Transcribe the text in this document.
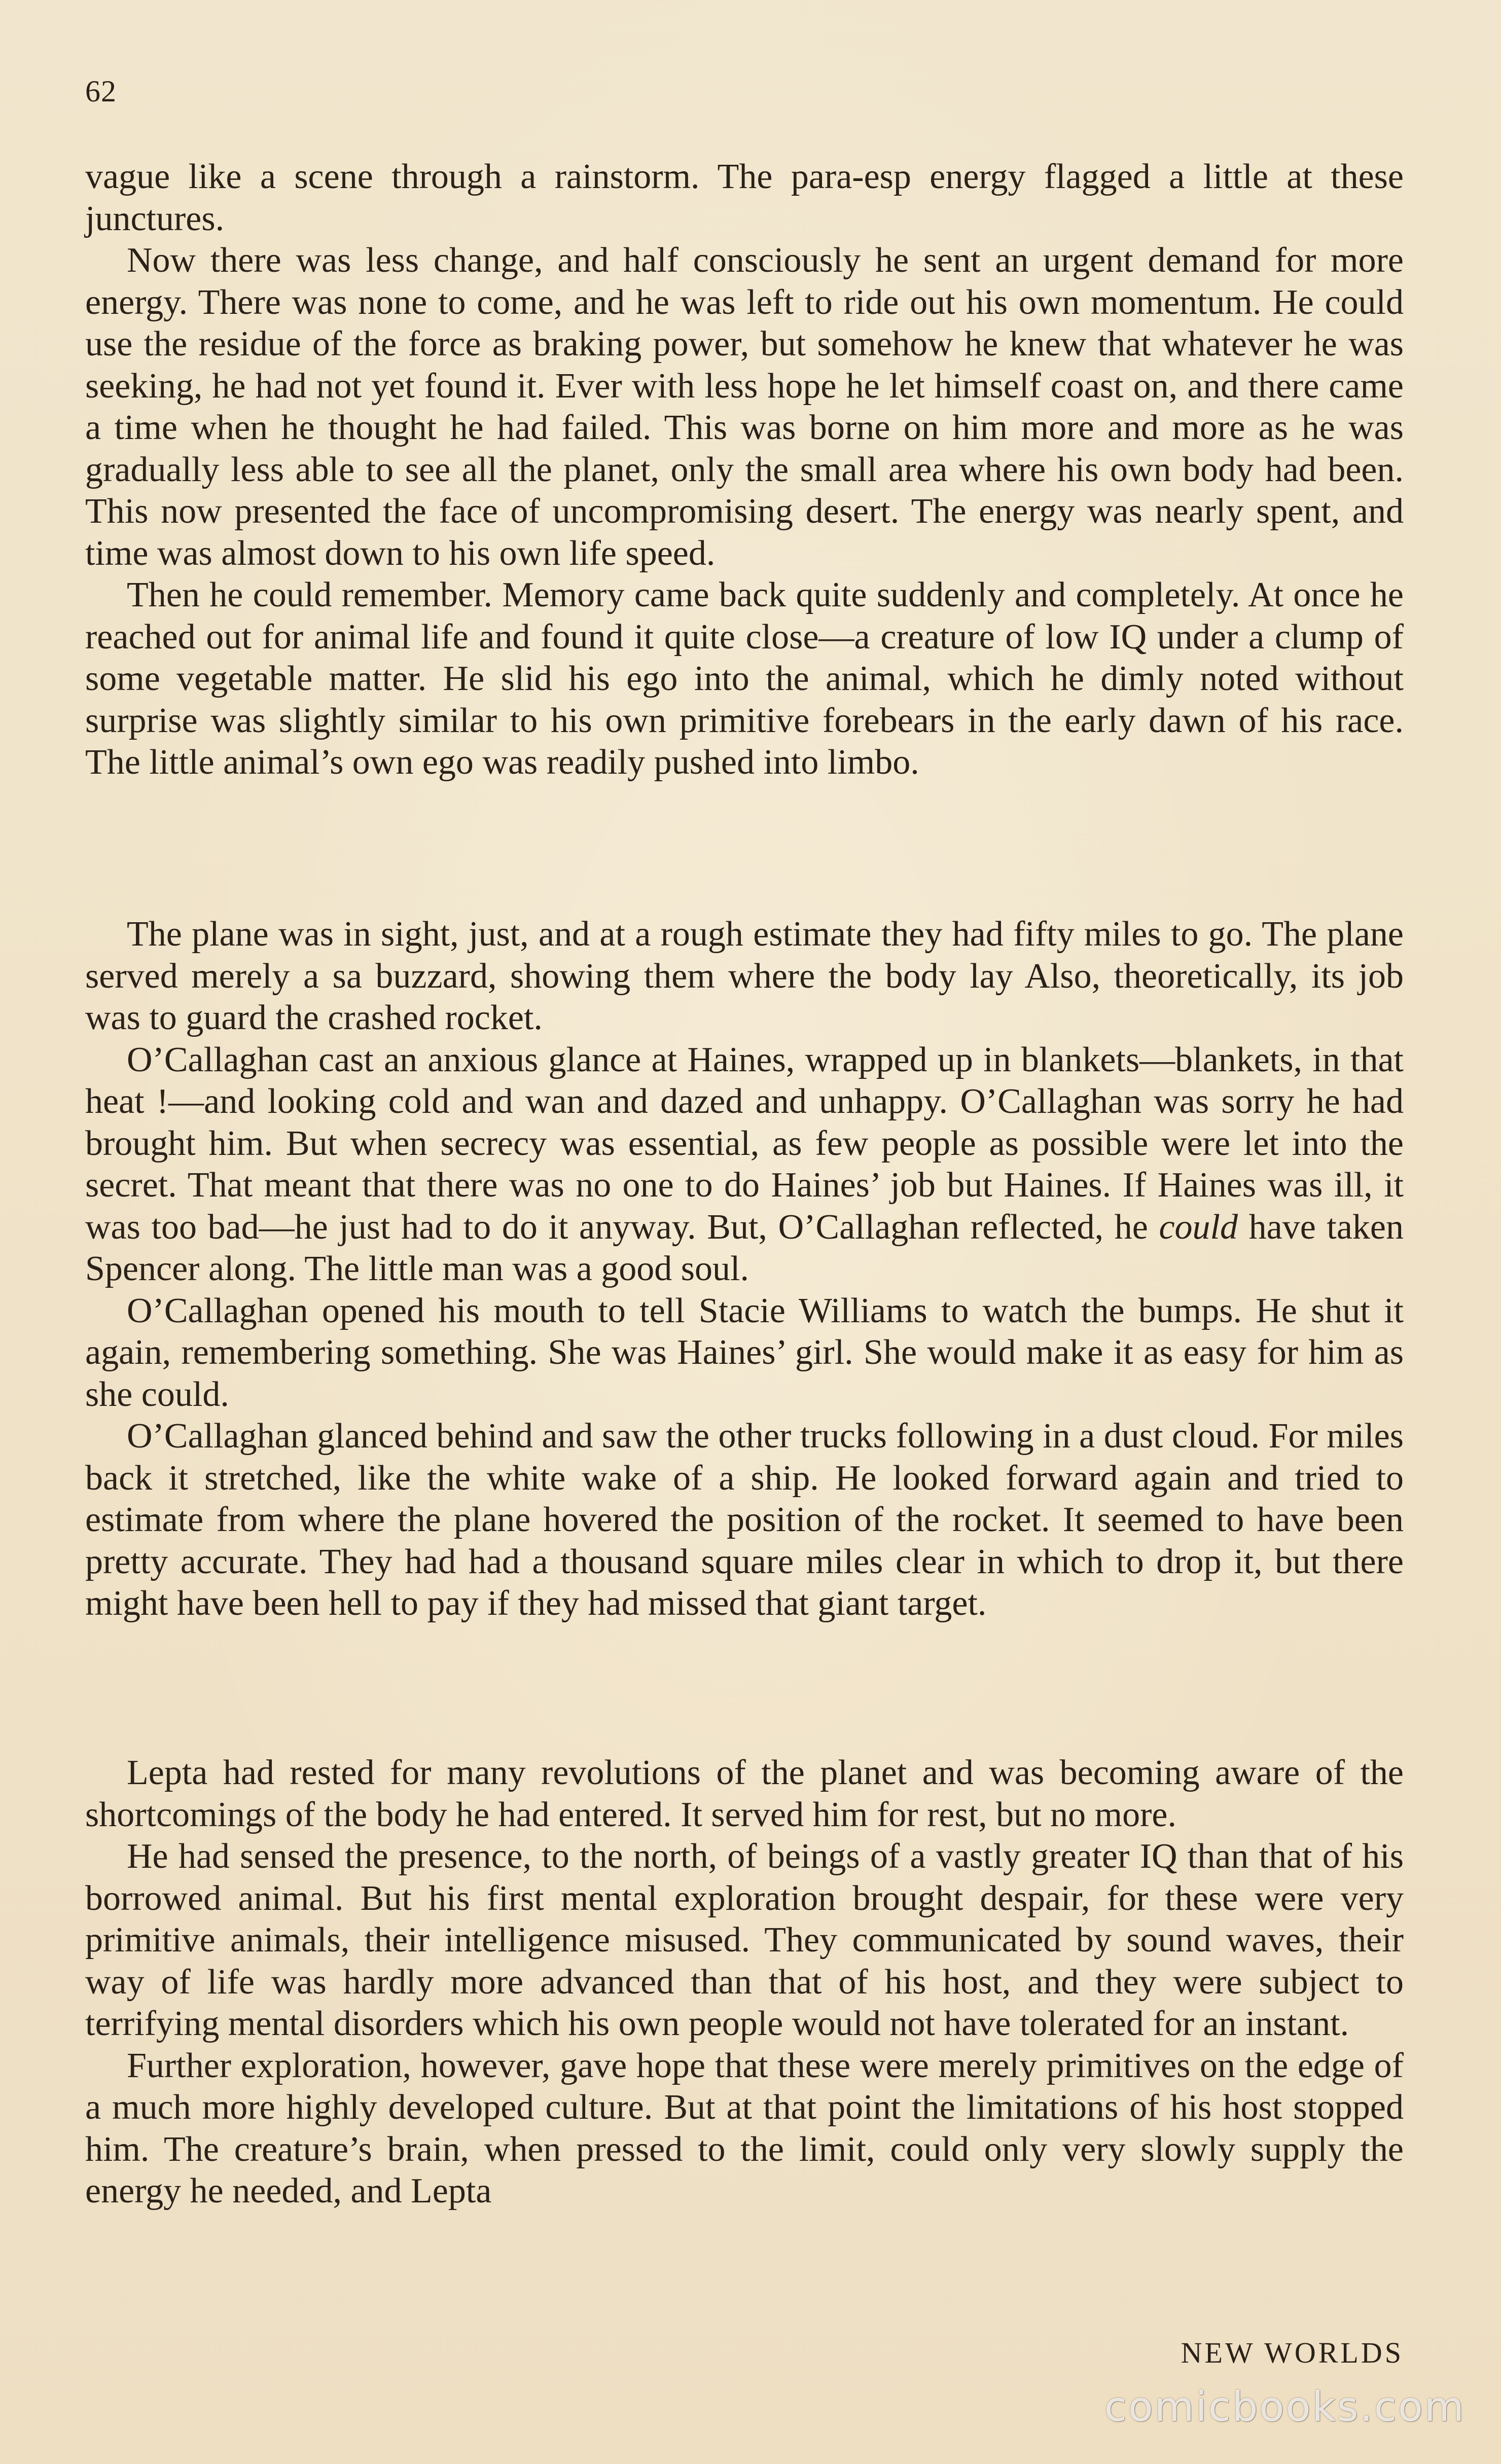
62

vague like a scene through a rainstorm. The para-esp energy flagged a little at these junctures.

Now there was less change, and half consciously he sent an urgent demand for more energy. There was none to come, and he was left to ride out his own momentum. He could use the residue of the force as braking power, but somehow he knew that whatever he was seeking, he had not yet found it. Ever with less hope he let himself coast on, and there came a time when he thought he had failed. This was borne on him more and more as he was gradually less able to see all the planet, only the small area where his own body had been. This now presented the face of uncompromising desert. The energy was nearly spent, and time was almost down to his own life speed.

Then he could remember. Memory came back quite suddenly and completely. At once he reached out for animal life and found it quite close—a creature of low IQ under a clump of some vegetable matter. He slid his ego into the animal, which he dimly noted without surprise was slightly similar to his own primitive forebears in the early dawn of his race. The little animal’s own ego was readily pushed into limbo.

The plane was in sight, just, and at a rough estimate they had fifty miles to go. The plane served merely a sa buzzard, showing them where the body lay Also, theoretically, its job was to guard the crashed rocket.

O’Callaghan cast an anxious glance at Haines, wrapped up in blankets—blankets, in that heat !—and looking cold and wan and dazed and unhappy. O’Callaghan was sorry he had brought him. But when secrecy was essential, as few people as possible were let into the secret. That meant that there was no one to do Haines’ job but Haines. If Haines was ill, it was too bad—he just had to do it anyway. But, O’Callaghan reflected, he could have taken Spencer along. The little man was a good soul.

O’Callaghan opened his mouth to tell Stacie Williams to watch the bumps. He shut it again, remembering something. She was Haines’ girl. She would make it as easy for him as she could.

O’Callaghan glanced behind and saw the other trucks following in a dust cloud. For miles back it stretched, like the white wake of a ship. He looked forward again and tried to estimate from where the plane hovered the position of the rocket. It seemed to have been pretty accurate. They had had a thousand square miles clear in which to drop it, but there might have been hell to pay if they had missed that giant target.

Lepta had rested for many revolutions of the planet and was becoming aware of the shortcomings of the body he had entered. It served him for rest, but no more.

He had sensed the presence, to the north, of beings of a vastly greater IQ than that of his borrowed animal. But his first mental exploration brought despair, for these were very primitive animals, their intelligence misused. They communicated by sound waves, their way of life was hardly more advanced than that of his host, and they were subject to terrifying mental disorders which his own people would not have tolerated for an instant.

Further exploration, however, gave hope that these were merely primitives on the edge of a much more highly developed culture. But at that point the limitations of his host stopped him. The creature’s brain, when pressed to the limit, could only very slowly supply the energy he needed, and Lepta

NEW WORLDS
comicbooks.com
